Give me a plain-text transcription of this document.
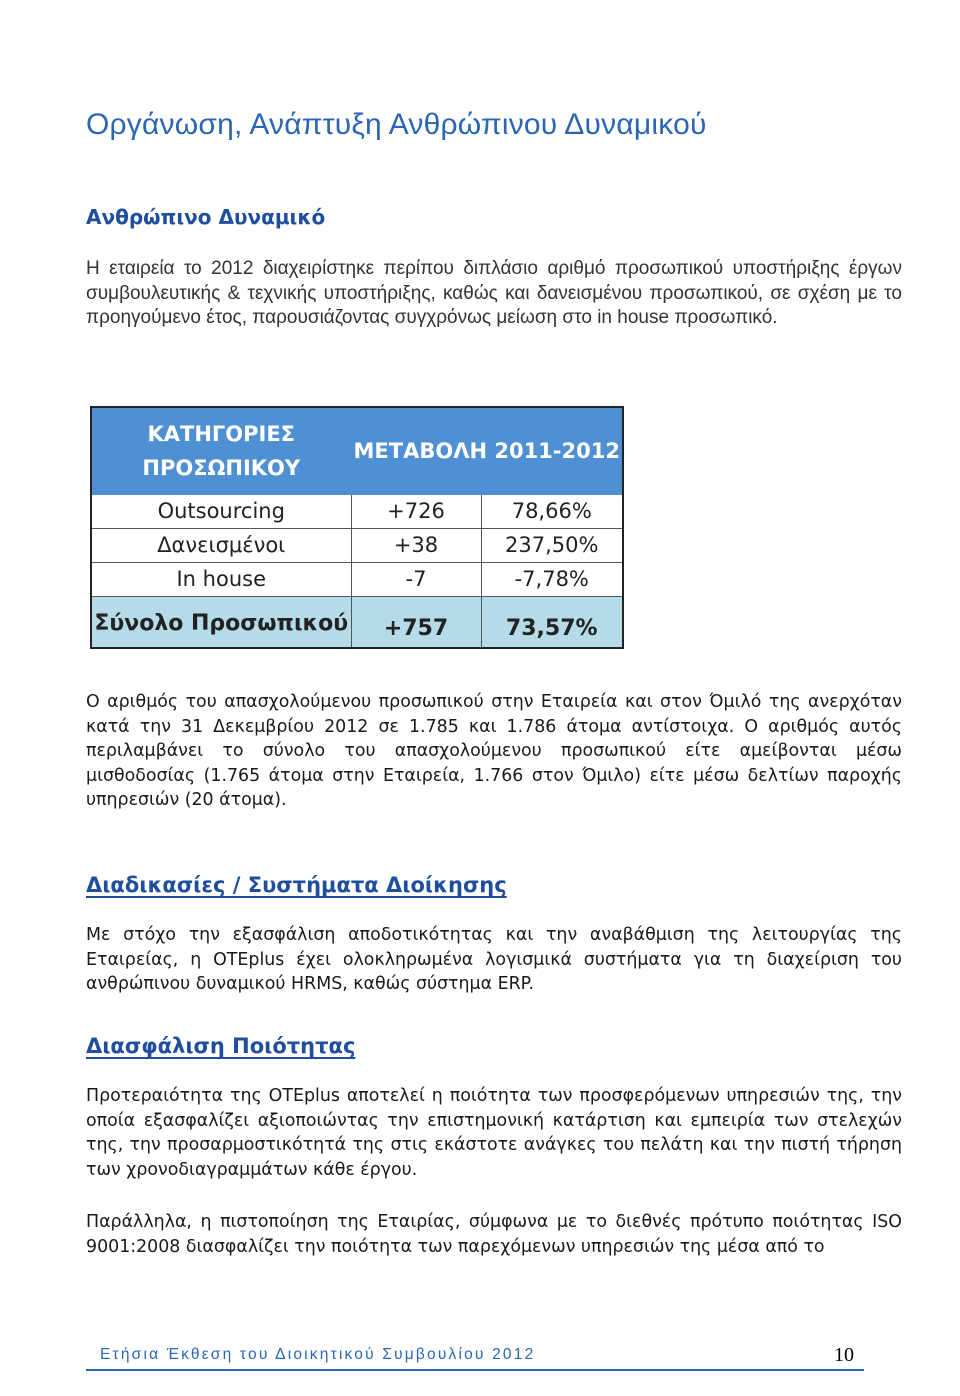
Οργάνωση, Ανάπτυξη Ανθρώπινου Δυναμικού
Ανθρώπινο Δυναμικό

Η εταιρεία το 2012 διαχειρίστηκε περίπου διπλάσιο αριθμό προσωπικού υποστήριξης έργων συμβουλευτικής & τεχνικής υποστήριξης, καθώς και δανεισμένου προσωπικού, σε σχέση με το προηγούμενο έτος, παρουσιάζοντας συγχρόνως μείωση στο in house προσωπικό.

ΚΑΤΗΓΟΡΙΕΣ ΠΡΟΣΩΠΙΚΟΥ	ΜΕΤΑΒΟΛΗ 2011-2012	
Outsourcing	+726	78,66%
Δανεισμένοι	+38	237,50%
In house	-7	-7,78%
Σύνολο Προσωπικού	+757	73,57%

Ο αριθμός του απασχολούμενου προσωπικού στην Εταιρεία και στον Όμιλό της ανερχόταν κατά την 31 Δεκεμβρίου 2012 σε 1.785 και 1.786 άτομα αντίστοιχα. Ο αριθμός αυτός περιλαμβάνει το σύνολο του απασχολούμενου προσωπικού είτε αμείβονται μέσω μισθοδοσίας (1.765 άτομα στην Εταιρεία, 1.766 στον Όμιλο) είτε μέσω δελτίων παροχής υπηρεσιών (20 άτομα).

Διαδικασίες / Συστήματα Διοίκησης

Με στόχο την εξασφάλιση αποδοτικότητας και την αναβάθμιση της λειτουργίας της Εταιρείας, η OTEplus έχει ολοκληρωμένα λογισμικά συστήματα για τη διαχείριση του ανθρώπινου δυναμικού HRMS, καθώς σύστημα ERP.

Διασφάλιση Ποιότητας

Προτεραιότητα της OTEplus αποτελεί η ποιότητα των προσφερόμενων υπηρεσιών της, την οποία εξασφαλίζει αξιοποιώντας την επιστημονική κατάρτιση και εμπειρία των στελεχών της, την προσαρμοστικότητά της στις εκάστοτε ανάγκες του πελάτη και την πιστή τήρηση των χρονοδιαγραμμάτων κάθε έργου.

Παράλληλα, η πιστοποίηση της Εταιρίας, σύμφωνα με το διεθνές πρότυπο ποιότητας ISO 9001:2008 διασφαλίζει την ποιότητα των παρεχόμενων υπηρεσιών της μέσα από το

Ετήσια Έκθεση του Διοικητικού Συμβουλίου 2012	10
